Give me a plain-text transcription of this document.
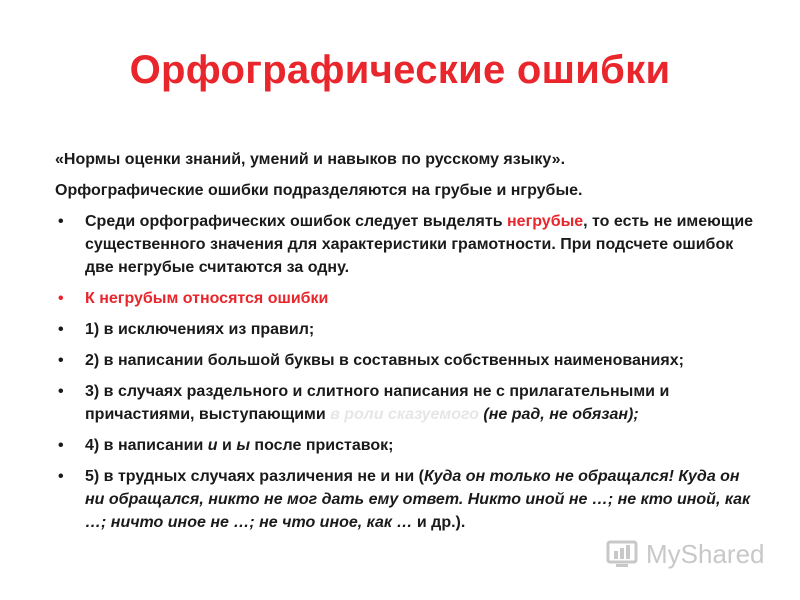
Орфографические ошибки

«Нормы оценки знаний, умений и навыков по русскому языку».

Орфографические ошибки подразделяются на грубые и нгрубые.

•	Среди орфографических ошибок следует выделять негрубые, то есть не имеющие существенного значения для характеристики грамотности. При подсчете ошибок две негрубые считаются за одну.
•	К негрубым относятся ошибки
•	1) в исключениях из правил;
•	2) в написании большой буквы в составных собственных наименованиях;
•	3) в случаях раздельного и слитного написания не с прилагательными и причастиями, выступающими в роли сказуемого (не рад, не обязан);
•	4) в написании и и ы после приставок;
•	5) в трудных случаях различения не и ни (Куда он только не обращался! Куда он ни обращался, никто не мог дать ему ответ. Никто иной не …; не кто иной, как …; ничто иное не …; не что иное, как … и др.).
MyShared
